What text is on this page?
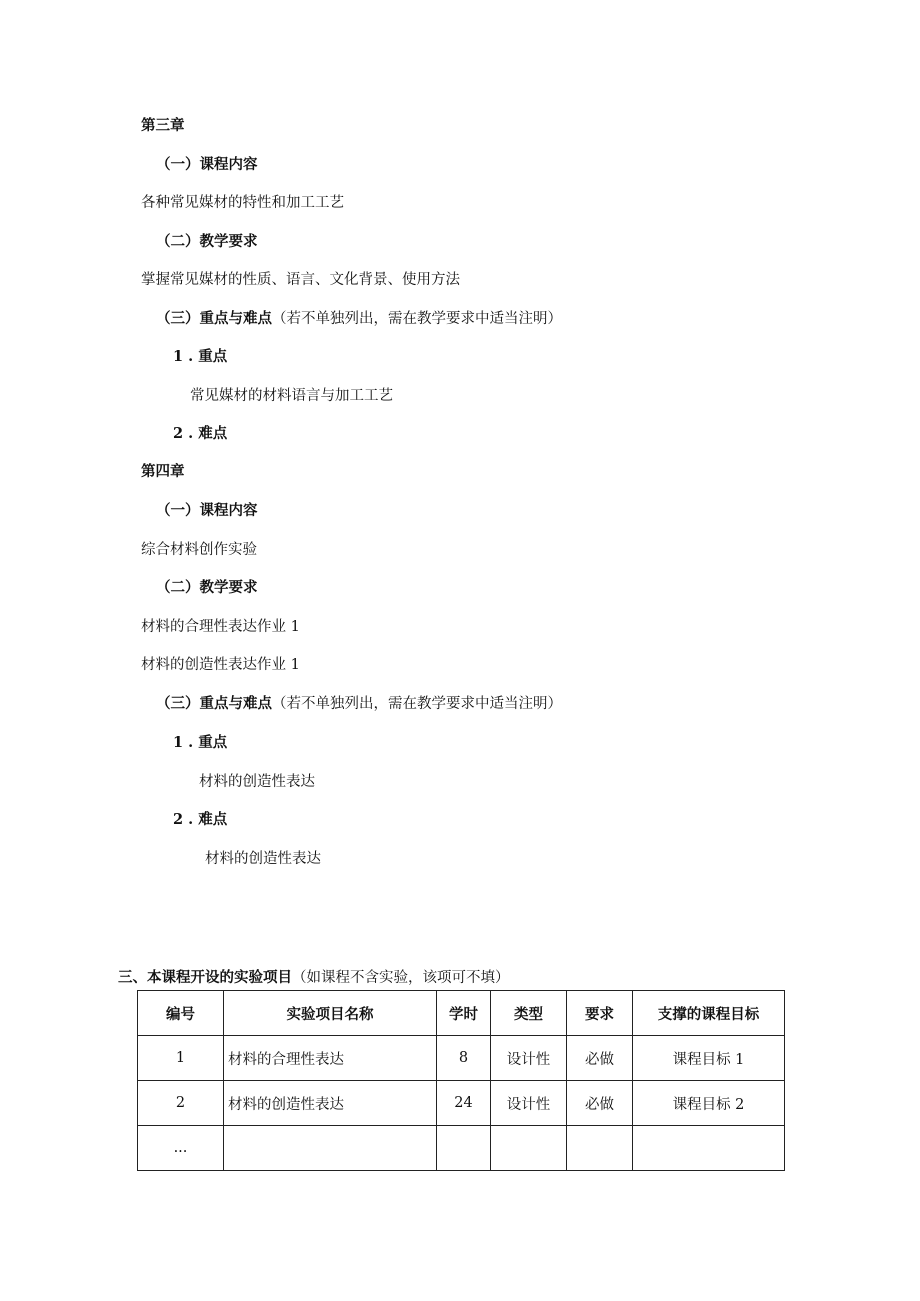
第三章
（一）课程内容
各种常见媒材的特性和加工工艺
（二）教学要求
掌握常见媒材的性质、语言、文化背景、使用方法
（三）重点与难点（若不单独列出，需在教学要求中适当注明）
1 . 重点
常见媒材的材料语言与加工工艺
2 . 难点
第四章
（一）课程内容
综合材料创作实验
（二）教学要求
材料的合理性表达作业 1
材料的创造性表达作业 1
（三）重点与难点（若不单独列出，需在教学要求中适当注明）
1 . 重点
材料的创造性表达
2 . 难点
材料的创造性表达
三、本课程开设的实验项目（如课程不含实验，该项可不填）
编号	实验项目名称	学时	类型	要求	支撑的课程目标
1	材料的合理性表达	8	设计性	必做	课程目标 1
2	材料的创造性表达	24	设计性	必做	课程目标 2
...					
